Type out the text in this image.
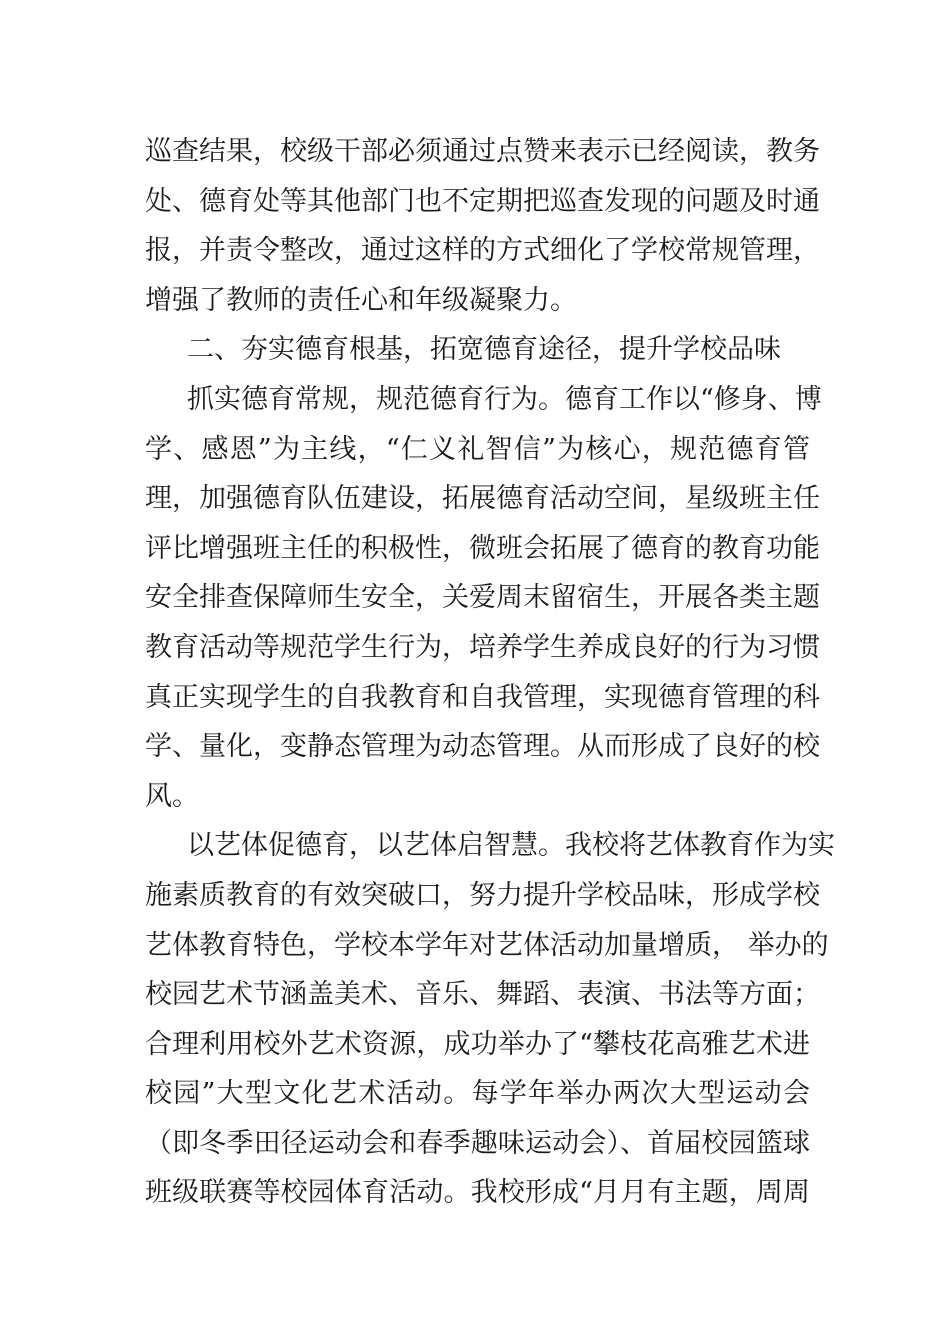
巡查结果，校级干部必须通过点赞来表示已经阅读，教务
处、德育处等其他部门也不定期把巡查发现的问题及时通
报，并责令整改，通过这样的方式细化了学校常规管理，
增强了教师的责任心和年级凝聚力。
二、夯实德育根基，拓宽德育途径，提升学校品味
抓实德育常规，规范德育行为。德育工作以“修身、博
学、感恩”为主线，“仁义礼智信”为核心，规范德育管
理，加强德育队伍建设，拓展德育活动空间，星级班主任
评比增强班主任的积极性，微班会拓展了德育的教育功能
安全排查保障师生安全，关爱周末留宿生，开展各类主题
教育活动等规范学生行为，培养学生养成良好的行为习惯
真正实现学生的自我教育和自我管理，实现德育管理的科
学、量化，变静态管理为动态管理。从而形成了良好的校
风。
以艺体促德育，以艺体启智慧。我校将艺体教育作为实
施素质教育的有效突破口，努力提升学校品味，形成学校
艺体教育特色，学校本学年对艺体活动加量增质， 举办的
校园艺术节涵盖美术、音乐、舞蹈、表演、书法等方面；
合理利用校外艺术资源，成功举办了“攀枝花高雅艺术进
校园”大型文化艺术活动。每学年举办两次大型运动会
（即冬季田径运动会和春季趣味运动会）、首届校园篮球
班级联赛等校园体育活动。我校形成“月月有主题，周周
